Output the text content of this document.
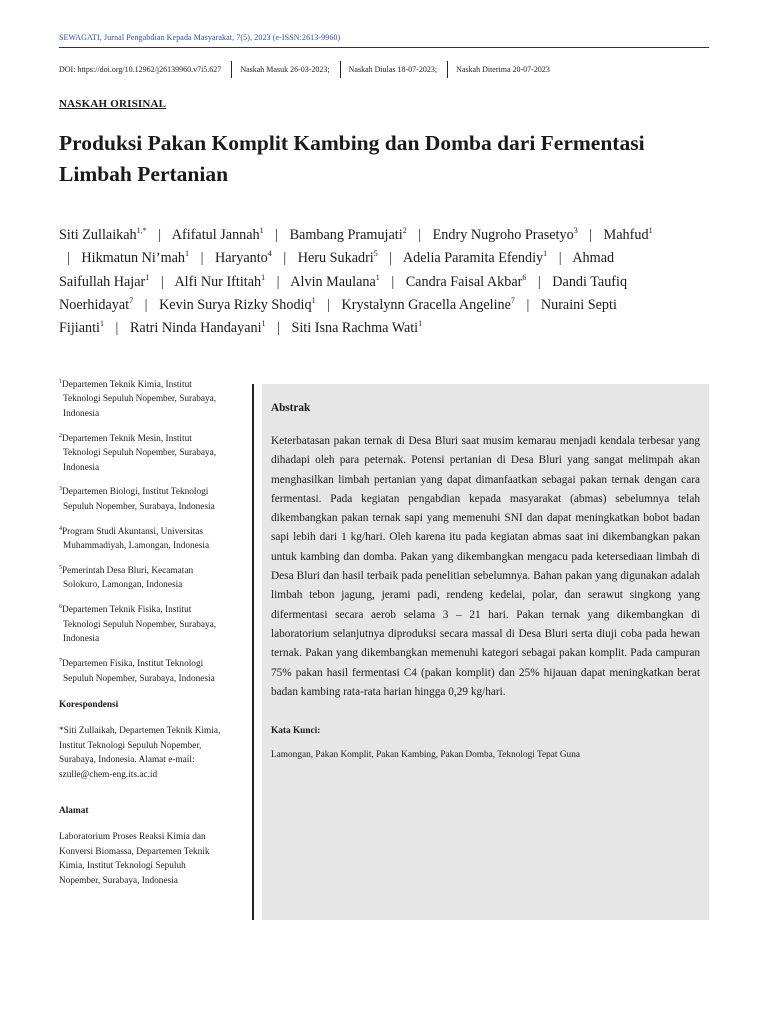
SEWAGATI, Jurnal Pengabdian Kepada Masyarakat, 7(5), 2023 (e-ISSN:2613-9960)
DOI: https://doi.org/10.12962/j26139960.v7i5.627 Naskah Masuk 26-03-2023; Naskah Diulas 18-07-2023; Naskah Diterima 20-07-2023
NASKAH ORISINAL
Produksi Pakan Komplit Kambing dan Domba dari Fermentasi Limbah Pertanian
Siti Zullaikah$^{1,*}$ | Afifatul Jannah$^1$ | Bambang Pramujati$^2$ | Endry Nugroho Prasetyo$^3$ | Mahfud$^1$ | Hikmatun Ni’mah$^1$ | Haryanto$^4$ | Heru Sukadri$^5$ | Adelia Paramita Efendiy$^1$ | Ahmad Saifullah Hajar$^1$ | Alfi Nur Iftitah$^1$ | Alvin Maulana$^1$ | Candra Faisal Akbar$^6$ | Dandi Taufiq Noerhidayat$^7$ | Kevin Surya Rizky Shodiq$^1$ | Krystalynn Gracella Angeline$^7$ | Nuraini Septi Fijianti$^1$ | Ratri Ninda Handayani$^1$ | Siti Isna Rachma Wati$^1$
$^1$Departemen Teknik Kimia, Institut
Teknologi Sepuluh Nopember, Surabaya,
Indonesia
$^2$Departemen Teknik Mesin, Institut
Teknologi Sepuluh Nopember, Surabaya,
Indonesia
$^3$Departemen Biologi, Institut Teknologi
Sepuluh Nopember, Surabaya, Indonesia
$^4$Program Studi Akuntansi, Universitas
Muhammadiyah, Lamongan, Indonesia
$^5$Pemerintah Desa Bluri, Kecamatan
Solokuro, Lamongan, Indonesia
$^6$Departemen Teknik Fisika, Institut
Teknologi Sepuluh Nopember, Surabaya,
Indonesia
$^7$Departemen Fisika, Institut Teknologi
Sepuluh Nopember, Surabaya, Indonesia
Korespondensi
*Siti Zullaikah, Departemen Teknik Kimia,
Institut Teknologi Sepuluh Nopember,
Surabaya, Indonesia. Alamat e-mail:
szulle@chem-eng.its.ac.id
Alamat
Laboratorium Proses Reaksi Kimia dan
Konversi Biomassa, Departemen Teknik
Kimia, Institut Teknologi Sepuluh
Nopember, Surabaya, Indonesia

Abstrak

Keterbatasan pakan ternak di Desa Bluri saat musim kemarau menjadi kendala terbesar yang dihadapi oleh para peternak. Potensi pertanian di Desa Bluri yang sangat melimpah akan menghasilkan limbah pertanian yang dapat dimanfaatkan sebagai pakan ternak dengan cara fermentasi. Pada kegiatan pengabdian kepada masyarakat (abmas) sebelumnya telah dikembangkan pakan ternak sapi yang memenuhi SNI dan dapat meningkatkan bobot badan sapi lebih dari 1 kg/hari. Oleh karena itu pada kegiatan abmas saat ini dikembangkan pakan untuk kambing dan domba. Pakan yang dikembangkan mengacu pada ketersediaan limbah di Desa Bluri dan hasil terbaik pada penelitian sebelumnya. Bahan pakan yang digunakan adalah limbah tebon jagung, jerami padi, rendeng kedelai, polar, dan serawut singkong yang difermentasi secara aerob selama 3 – 21 hari. Pakan ternak yang dikembangkan di laboratorium selanjutnya diproduksi secara massal di Desa Bluri serta diuji coba pada hewan ternak. Pakan yang dikembangkan memenuhi kategori sebagai pakan komplit. Pada campuran 75% pakan hasil fermentasi C4 (pakan komplit) dan 25% hijauan dapat meningkatkan berat badan kambing rata-rata harian hingga 0,29 kg/hari.

Kata Kunci:
Lamongan, Pakan Komplit, Pakan Kambing, Pakan Domba, Teknologi Tepat Guna
